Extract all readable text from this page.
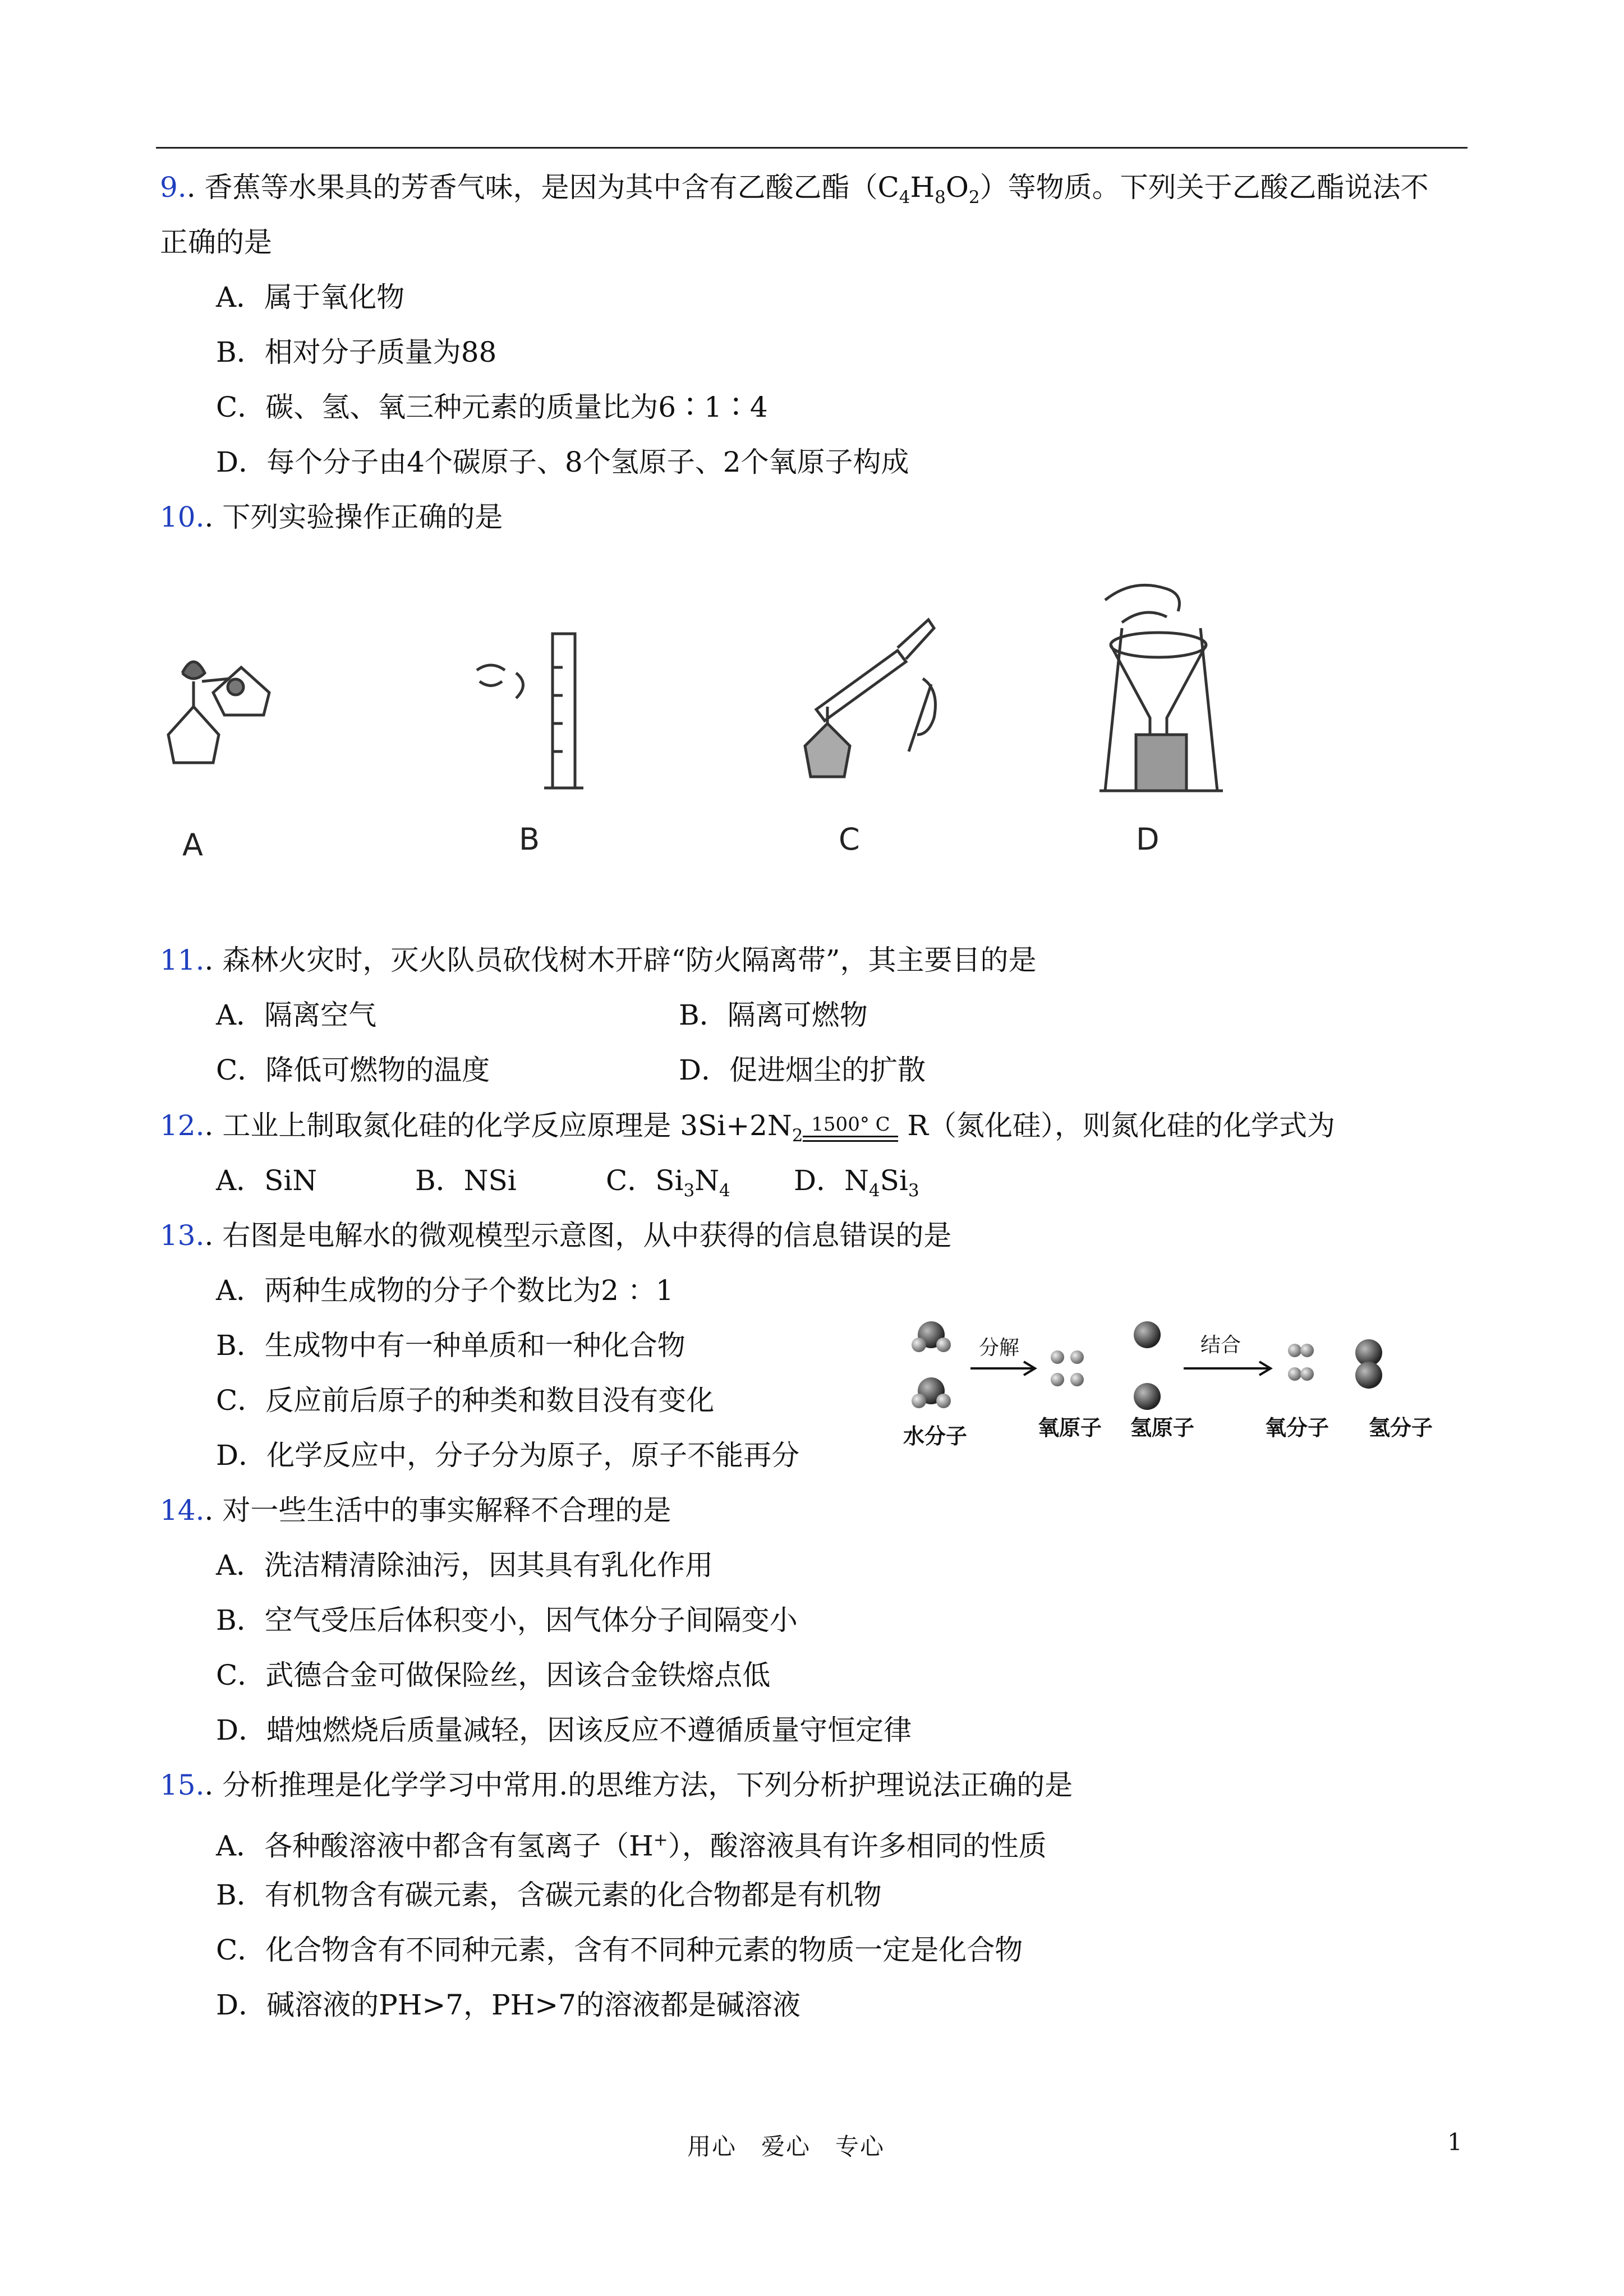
9.. 香蕉等水果具的芳香气味，是因为其中含有乙酸乙酯$(C_4H_8O_2)$等物质。下列关于乙酸乙酯说法不
正确的是
A．属于氧化物
B．相对分子质量为88
C．碳、氢、氧三种元素的质量比为6∶1∶4
D．每个分子由4个碳原子、8个氢原子、2个氧原子构成
10.. 下列实验操作正确的是
A	B	C	D
11.. 森林火灾时，灭火队员砍伐树木开辟“防火隔离带”，其主要目的是
A．隔离空气	B．隔离可燃物
C．降低可燃物的温度	D．促进烟尘的扩散
12.. 工业上制取氮化硅的化学反应原理是 $3Si+2N_2$
1500° C R（氮化硅），则氮化硅的化学式为
A．SiN	B．NSi	C．$Si_3N_4$ D．$N_4Si_3$
13.. 右图是电解水的微观模型示意图，从中获得的信息错误的是
A．两种生成物的分子个数比为2 ：1
B．生成物中有一种单质和一种化合物
C．反应前后原子的种类和数目没有变化
D．化学反应中，分子分为原子，原子不能再分
分解	结合
水分子	氧原子 氢原子	氧分子 氢分子
14.. 对一些生活中的事实解释不合理的是
A．洗洁精清除油污，因其具有乳化作用
B．空气受压后体积变小，因气体分子间隔变小
C．武德合金可做保险丝，因该合金铁熔点低
D．蜡烛燃烧后质量减轻，因该反应不遵循质量守恒定律
15.. 分析推理是化学学习中常用.的思维方法，下列分析护理说法正确的是
A．各种酸溶液中都含有氢离子（H+），酸溶液具有许多相同的性质
B．有机物含有碳元素，含碳元素的化合物都是有机物
C．化合物含有不同种元素，含有不同种元素的物质一定是化合物
D．碱溶液的PH>7，PH>7的溶液都是碱溶液
用心　爱心　专心	1
